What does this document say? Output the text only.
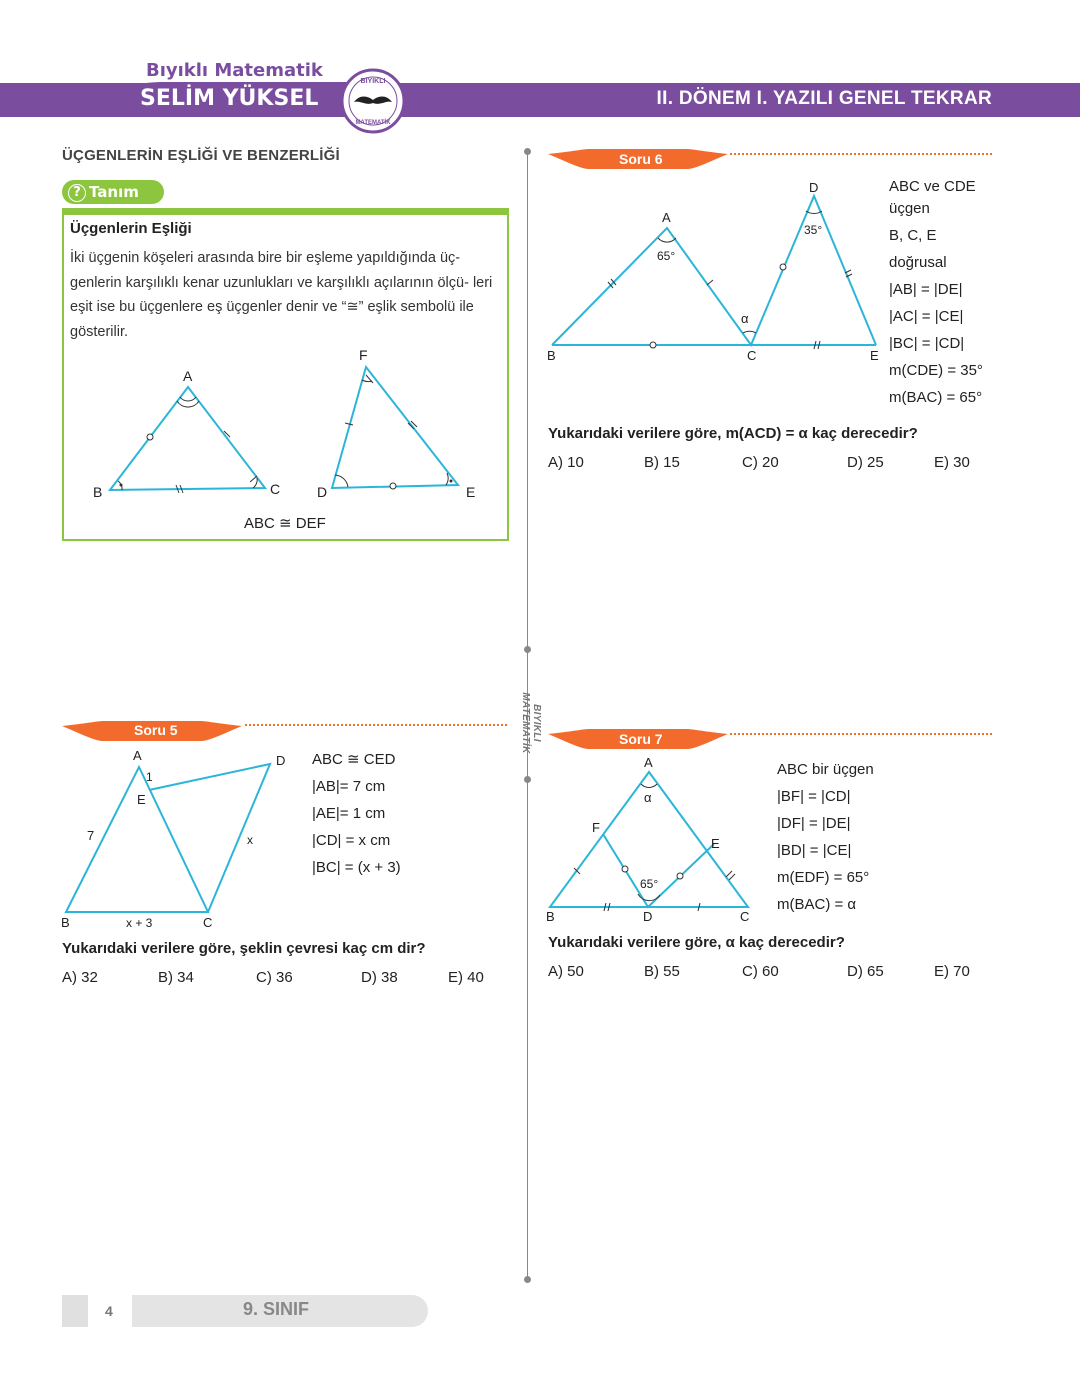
Bıyıklı Matematik
SELİM YÜKSEL
BIYIKLI
MATEMATİK
II. DÖNEM I. YAZILI GENEL TEKRAR
ÜÇGENLERİN EŞLİĞİ VE BENZERLİĞİ
? Tanım
Üçgenlerin Eşliği
İki üçgenin köşeleri arasında bire bir eşleme yapıldığında üç- genlerin karşılıklı kenar uzunlukları ve karşılıklı açılarının ölçü- leri eşit ise bu üçgenlere eş üçgenler denir ve “≅” eşlik sembolü ile gösterilir.
A
B	C	D	E
F
ABC ≅ DEF
BIYIKLI MATEMATİK
Soru 6
A
B	C
D
E
65°
35°
α
ABC ve CDE
üçgen
B, C, E
doğrusal
|AB| = |DE|
|AC| = |CE|
|BC| = |CD|
m(CDE) = 35°
m(BAC) = 65°
Yukarıdaki verilere göre, m(ACD) = α kaç derecedir?
A) 10	B) 15	C) 20	D) 25	E) 30
Soru 5
A
B	C
D
E
1
7	x
x + 3
ABC ≅ CED
|AB|= 7 cm
|AE|= 1 cm
|CD| = x cm
|BC| = (x + 3)
Yukarıdaki verilere göre, şeklin çevresi kaç cm dir?
A) 32	B) 34	C) 36	D) 38	E) 40
Soru 7
A
B	C
D
E
F
α
65°
ABC bir üçgen
|BF| = |CD|
|DF| = |DE|
|BD| = |CE|
m(EDF) = 65°
m(BAC) = α
Yukarıdaki verilere göre, α kaç derecedir?
A) 50	B) 55	C) 60	D) 65	E) 70
4	9. SINIF
